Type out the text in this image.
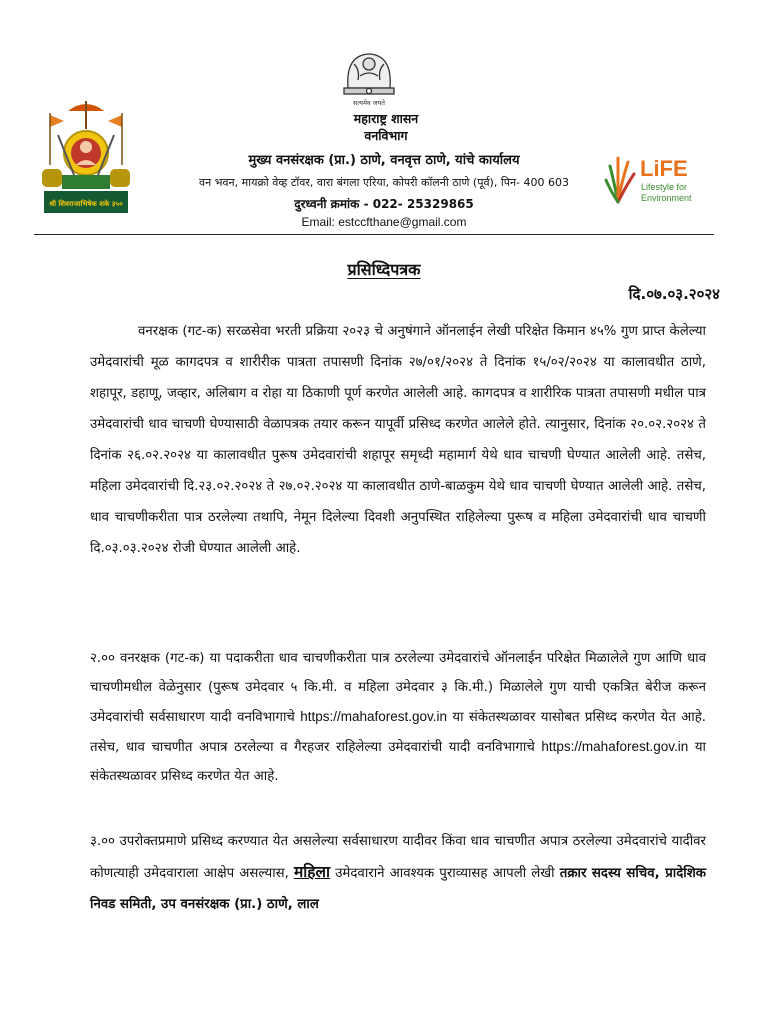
श्री शिवराजाभिषेक शके ३५०
सत्यमेव जयते
महाराष्ट्र शासन
वनविभाग
मुख्य वनसंरक्षक (प्रा.) ठाणे, वनवृत्त ठाणे, यांचे कार्यालय
वन भवन, मायक्रो वेव्ह टॉवर, वारा बंगला एरिया, कोपरी कॉलनी ठाणे (पूर्व), पिन- 400 603
दुरध्वनी क्रमांक - 022- 25329865
Email: estccfthane@gmail.com
LiFE
Lifestyle for
Environment
प्रसिध्दिपत्रक
दि.०७.०३.२०२४
वनरक्षक (गट-क) सरळसेवा भरती प्रक्रिया २०२३ चे अनुषंगाने ऑनलाईन लेखी परिक्षेत किमान ४५% गुण प्राप्त केलेल्या उमेदवारांची मूळ कागदपत्र व शारीरीक पात्रता तपासणी दिनांक २७/०१/२०२४ ते दिनांक १५/०२/२०२४ या कालावधीत ठाणे, शहापूर, डहाणू, जव्हार, अलिबाग व रोहा या ठिकाणी पूर्ण करणेत आलेली आहे. कागदपत्र व शारीरिक पात्रता तपासणी मधील पात्र उमेदवारांची धाव चाचणी घेण्यासाठी वेळापत्रक तयार करून यापूर्वी प्रसिध्द करणेत आलेले होते. त्यानुसार, दिनांक २०.०२.२०२४ ते दिनांक २६.०२.२०२४ या कालावधीत पुरूष उमेदवारांची शहापूर समृध्दी महामार्ग येथे धाव चाचणी घेण्यात आलेली आहे. तसेच, महिला उमेदवारांची दि.२३.०२.२०२४ ते २७.०२.२०२४ या कालावधीत ठाणे-बाळकुम येथे धाव चाचणी घेण्यात आलेली आहे. तसेच, धाव चाचणीकरीता पात्र ठरलेल्या तथापि, नेमून दिलेल्या दिवशी अनुपस्थित राहिलेल्या पुरूष व महिला उमेदवारांची धाव चाचणी दि.०३.०३.२०२४ रोजी घेण्यात आलेली आहे.
२.०० वनरक्षक (गट-क) या पदाकरीता धाव चाचणीकरीता पात्र ठरलेल्या उमेदवारांचे ऑनलाईन परिक्षेत मिळालेले गुण आणि धाव चाचणीमधील वेळेनुसार (पुरूष उमेदवार ५ कि.मी. व महिला उमेदवार ३ कि.मी.) मिळालेले गुण याची एकत्रित बेरीज करून उमेदवारांची सर्वसाधारण यादी वनविभागाचे https://mahaforest.gov.in या संकेतस्थळावर यासोबत प्रसिध्द करणेत येत आहे. तसेच, धाव चाचणीत अपात्र ठरलेल्या व गैरहजर राहिलेल्या उमेदवारांची यादी वनविभागाचे https://mahaforest.gov.in या संकेतस्थळावर प्रसिध्द करणेत येत आहे.
३.०० उपरोक्तप्रमाणे प्रसिध्द करण्यात येत असलेल्या सर्वसाधारण यादीवर किंवा धाव चाचणीत अपात्र ठरलेल्या उमेदवारांचे यादीवर कोणत्याही उमेदवाराला आक्षेप असल्यास, महिला उमेदवाराने आवश्यक पुराव्यासह आपली लेखी तक्रार सदस्य सचिव, प्रादेशिक निवड समिती, उप वनसंरक्षक (प्रा.) ठाणे, लाल
